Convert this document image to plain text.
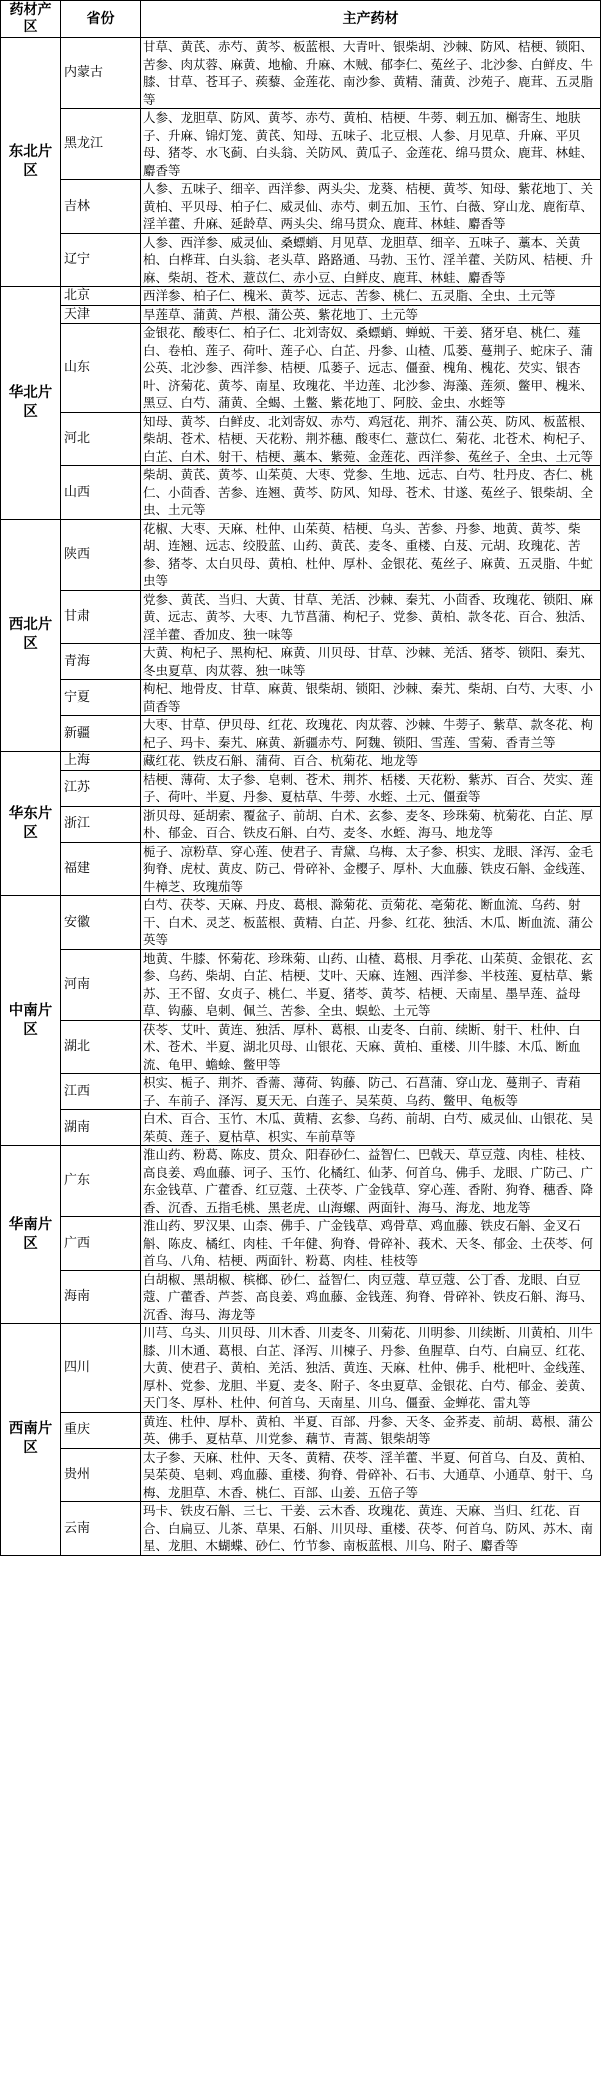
药材产区	省份	主产药材
东北片区	内蒙古	甘草、黄芪、赤芍、黄芩、板蓝根、大青叶、银柴胡、沙棘、防风、桔梗、锁阳、苦参、肉苁蓉、麻黄、地榆、升麻、木贼、郁李仁、菟丝子、北沙参、白鲜皮、牛膝、甘草、苍耳子、蒺藜、金莲花、南沙参、黄精、蒲黄、沙苑子、鹿茸、五灵脂等
	黑龙江	人参、龙胆草、防风、黄芩、赤芍、黄柏、桔梗、牛蒡、刺五加、槲寄生、地肤子、升麻、锦灯笼、黄芪、知母、五味子、北豆根、人参、月见草、升麻、平贝母、猪苓、水飞蓟、白头翁、关防风、黄瓜子、金莲花、绵马贯众、鹿茸、林蛙、麝香等
	吉林	人参、五味子、细辛、西洋参、两头尖、龙葵、桔梗、黄芩、知母、紫花地丁、关黄柏、平贝母、柏子仁、威灵仙、赤芍、刺五加、玉竹、白薇、穿山龙、鹿衔草、淫羊藿、升麻、延龄草、两头尖、绵马贯众、鹿茸、林蛙、麝香等
	辽宁	人参、西洋参、威灵仙、桑螵蛸、月见草、龙胆草、细辛、五味子、藁本、关黄柏、白桦茸、白头翁、老头草、路路通、马勃、玉竹、淫羊藿、关防风、桔梗、升麻、柴胡、苍术、薏苡仁、赤小豆、白鲜皮、鹿茸、林蛙、麝香等
华北片区	北京	西洋参、柏子仁、槐米、黄芩、远志、苦参、桃仁、五灵脂、全虫、土元等
	天津	旱莲草、蒲黄、芦根、蒲公英、紫花地丁、土元等
	山东	金银花、酸枣仁、柏子仁、北刘寄奴、桑螵蛸、蝉蜕、干姜、猪牙皂、桃仁、薤白、卷柏、莲子、荷叶、莲子心、白芷、丹参、山楂、瓜蒌、蔓荆子、蛇床子、蒲公英、北沙参、西洋参、桔梗、瓜蒌子、远志、僵蚕、槐角、槐花、芡实、银杏叶、济菊花、黄芩、南星、玫瑰花、半边莲、北沙参、海藻、莲须、鳖甲、槐米、黑豆、白芍、蒲黄、全蝎、土鳖、紫花地丁、阿胶、金虫、水蛭等
	河北	知母、黄芩、白鲜皮、北刘寄奴、赤芍、鸡冠花、荆芥、蒲公英、防风、板蓝根、柴胡、苍术、桔梗、天花粉、荆芥穗、酸枣仁、薏苡仁、菊花、北苍术、枸杞子、白芷、白术、射干、桔梗、藁本、紫菀、金莲花、西洋参、菟丝子、全虫、土元等
	山西	柴胡、黄芪、黄芩、山茱萸、大枣、党参、生地、远志、白芍、牡丹皮、杏仁、桃仁、小茴香、苦参、连翘、黄芩、防风、知母、苍术、甘遂、菟丝子、银柴胡、全虫、土元等
西北片区	陕西	花椒、大枣、天麻、杜仲、山茱萸、桔梗、乌头、苦参、丹参、地黄、黄芩、柴胡、连翘、远志、绞股蓝、山药、黄芪、麦冬、重楼、白芨、元胡、玫瑰花、苦参、猪苓、太白贝母、黄柏、杜仲、厚朴、金银花、菟丝子、麻黄、五灵脂、牛虻虫等
	甘肃	党参、黄芪、当归、大黄、甘草、羌活、沙棘、秦艽、小茴香、玫瑰花、锁阳、麻黄、远志、黄芩、大枣、九节菖蒲、枸杞子、党参、黄柏、款冬花、百合、独活、淫羊藿、香加皮、独一味等
	青海	大黄、枸杞子、黑枸杞、麻黄、川贝母、甘草、沙棘、羌活、猪苓、锁阳、秦艽、冬虫夏草、肉苁蓉、独一味等
	宁夏	枸杞、地骨皮、甘草、麻黄、银柴胡、锁阳、沙棘、秦艽、柴胡、白芍、大枣、小茴香等
	新疆	大枣、甘草、伊贝母、红花、玫瑰花、肉苁蓉、沙棘、牛蒡子、紫草、款冬花、枸杞子、玛卡、秦艽、麻黄、新疆赤芍、阿魏、锁阳、雪莲、雪菊、香青兰等
华东片区	上海	藏红花、铁皮石斛、蒲荷、百合、杭菊花、地龙等
	江苏	桔梗、薄荷、太子参、皂刺、苍术、荆芥、栝楼、天花粉、紫苏、百合、芡实、莲子、荷叶、半夏、丹参、夏枯草、牛蒡、水蛭、土元、僵蚕等
	浙江	浙贝母、延胡索、覆盆子、前胡、白术、玄参、麦冬、珍珠菊、杭菊花、白芷、厚朴、郁金、百合、铁皮石斛、白芍、麦冬、水蛭、海马、地龙等
	福建	栀子、凉粉草、穿心莲、使君子、青黛、乌梅、太子参、枳实、龙眼、泽泻、金毛狗脊、虎杖、黄皮、防己、骨碎补、金樱子、厚朴、大血藤、铁皮石斛、金线莲、牛樟芝、玫瑰茄等
中南片区	安徽	白芍、茯苓、天麻、丹皮、葛根、滁菊花、贡菊花、亳菊花、断血流、乌药、射干、白术、灵芝、板蓝根、黄精、白芷、丹参、红花、独活、木瓜、断血流、蒲公英等
	河南	地黄、牛膝、怀菊花、珍珠菊、山药、山楂、葛根、月季花、山茱萸、金银花、玄参、乌药、柴胡、白芷、桔梗、艾叶、天麻、连翘、西洋参、半枝莲、夏枯草、紫苏、王不留、女贞子、桃仁、半夏、猪苓、黄芩、桔梗、天南星、墨旱莲、益母草、钩藤、皂刺、佩兰、苦参、全虫、蜈蚣、土元等
	湖北	茯苓、艾叶、黄连、独活、厚朴、葛根、山麦冬、白前、续断、射干、杜仲、白术、苍术、半夏、湖北贝母、山银花、天麻、黄柏、重楼、川牛膝、木瓜、断血流、龟甲、蟾蜍、鳖甲等
	江西	枳实、栀子、荆芥、香薷、薄荷、钩藤、防己、石菖蒲、穿山龙、蔓荆子、青葙子、车前子、泽泻、夏天无、白莲子、吴茱萸、乌药、鳖甲、龟板等
	湖南	白术、百合、玉竹、木瓜、黄精、玄参、乌药、前胡、白芍、威灵仙、山银花、吴茱萸、莲子、夏枯草、枳实、车前草等
华南片区	广东	淮山药、粉葛、陈皮、贯众、阳春砂仁、益智仁、巴戟天、草豆蔻、肉桂、桂枝、高良姜、鸡血藤、诃子、玉竹、化橘红、仙茅、何首乌、佛手、龙眼、广防己、广东金钱草、广藿香、红豆蔻、土茯苓、广金钱草、穿心莲、香附、狗脊、穗香、降香、沉香、五指毛桃、黑老虎、山海螺、两面针、海马、海龙、地龙等
	广西	淮山药、罗汉果、山柰、佛手、广金钱草、鸡骨草、鸡血藤、铁皮石斛、金叉石斛、陈皮、橘红、肉桂、千年健、狗脊、骨碎补、莪术、天冬、郁金、土茯苓、何首乌、八角、桔梗、两面针、粉葛、肉桂、桂枝等
	海南	白胡椒、黑胡椒、槟榔、砂仁、益智仁、肉豆蔻、草豆蔻、公丁香、龙眼、白豆蔻、广藿香、芦荟、高良姜、鸡血藤、金钱莲、狗脊、骨碎补、铁皮石斛、海马、沉香、海马、海龙等
西南片区	四川	川芎、乌头、川贝母、川木香、川麦冬、川菊花、川明参、川续断、川黄柏、川牛膝、川木通、葛根、白芷、泽泻、川楝子、丹参、鱼腥草、白芍、白扁豆、红花、大黄、使君子、黄柏、羌活、独活、黄连、天麻、杜仲、佛手、枇杷叶、金线莲、厚朴、党参、龙胆、半夏、麦冬、附子、冬虫夏草、金银花、白芍、郁金、姜黄、天门冬、厚朴、杜仲、何首乌、天南星、川乌、僵蚕、金蝉花、雷丸等
	重庆	黄连、杜仲、厚朴、黄柏、半夏、百部、丹参、天冬、金荞麦、前胡、葛根、蒲公英、佛手、夏枯草、川党参、藕节、青蒿、银柴胡等
	贵州	太子参、天麻、杜仲、天冬、黄精、茯苓、淫羊藿、半夏、何首乌、白及、黄柏、吴茱萸、皂刺、鸡血藤、重楼、狗脊、骨碎补、石韦、大通草、小通草、射干、乌梅、龙胆草、木香、桃仁、百部、山姜、五倍子等
	云南	玛卡、铁皮石斛、三七、干姜、云木香、玫瑰花、黄连、天麻、当归、红花、百合、白扁豆、儿茶、草果、石斛、川贝母、重楼、茯苓、何首乌、防风、苏木、南星、龙胆、木蝴蝶、砂仁、竹节参、南板蓝根、川乌、附子、麝香等
